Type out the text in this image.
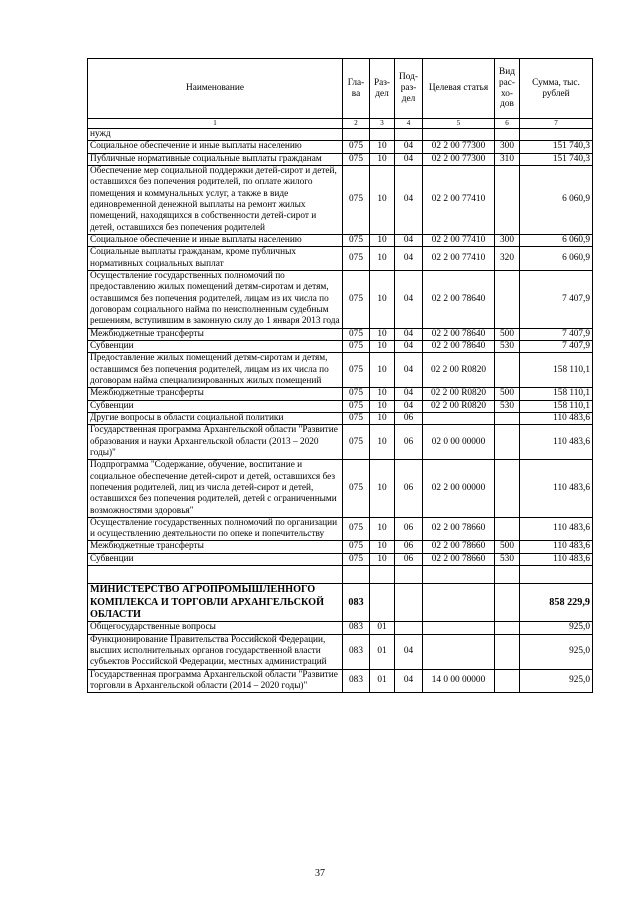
Наименование	Гла-ва	Раз-дел	Под-раз-дел	Целевая статья	Вид рас-хо-дов	Сумма, тыс. рублей
1	2	3	4	5	6	7
нужд						
Социальное обеспечение и иные выплаты населению	075	10	04	02 2 00 77300	300	151 740,3
Публичные нормативные социальные выплаты гражданам	075	10	04	02 2 00 77300	310	151 740,3
Обеспечение мер социальной поддержки детей-сирот и детей, оставшихся без попечения родителей, по оплате жилого помещения и коммунальных услуг, а также в виде единовременной денежной выплаты на ремонт жилых помещений, находящихся в собственности детей-сирот и детей, оставшихся без попечения родителей	075	10	04	02 2 00 77410		6 060,9
Социальное обеспечение и иные выплаты населению	075	10	04	02 2 00 77410	300	6 060,9
Социальные выплаты гражданам, кроме публичных нормативных социальных выплат	075	10	04	02 2 00 77410	320	6 060,9
Осуществление государственных полномочий по предоставлению жилых помещений детям-сиротам и детям, оставшимся без попечения родителей, лицам из их числа по договорам социального найма по неисполненным судебным решениям, вступившим в законную силу до 1 января 2013 года	075	10	04	02 2 00 78640		7 407,9
Межбюджетные трансферты	075	10	04	02 2 00 78640	500	7 407,9
Субвенции	075	10	04	02 2 00 78640	530	7 407,9
Предоставление жилых помещений детям-сиротам и детям, оставшимся без попечения родителей, лицам из их числа по договорам найма специализированных жилых помещений	075	10	04	02 2 00 R0820		158 110,1
Межбюджетные трансферты	075	10	04	02 2 00 R0820	500	158 110,1
Субвенции	075	10	04	02 2 00 R0820	530	158 110,1
Другие вопросы в области социальной политики	075	10	06			110 483,6
Государственная программа Архангельской области "Развитие образования и науки Архангельской области (2013 – 2020 годы)"	075	10	06	02 0 00 00000		110 483,6
Подпрограмма "Содержание, обучение, воспитание и социальное обеспечение детей-сирот и детей, оставшихся без попечения родителей, лиц из числа детей-сирот и детей, оставшихся без попечения родителей, детей с ограниченными возможностями здоровья"	075	10	06	02 2 00 00000		110 483,6
Осуществление государственных полномочий по организации и осуществлению деятельности по опеке и попечительству	075	10	06	02 2 00 78660		110 483,6
Межбюджетные трансферты	075	10	06	02 2 00 78660	500	110 483,6
Субвенции	075	10	06	02 2 00 78660	530	110 483,6

МИНИСТЕРСТВО АГРОПРОМЫШЛЕННОГО КОМПЛЕКСА И ТОРГОВЛИ АРХАНГЕЛЬСКОЙ ОБЛАСТИ	083					858 229,9
Общегосударственные вопросы	083	01				925,0
Функционирование Правительства Российской Федерации, высших исполнительных органов государственной власти субъектов Российской Федерации, местных администраций	083	01	04			925,0
Государственная программа Архангельской области "Развитие торговли в Архангельской области (2014 – 2020 годы)"	083	01	04	14 0 00 00000		925,0
37
